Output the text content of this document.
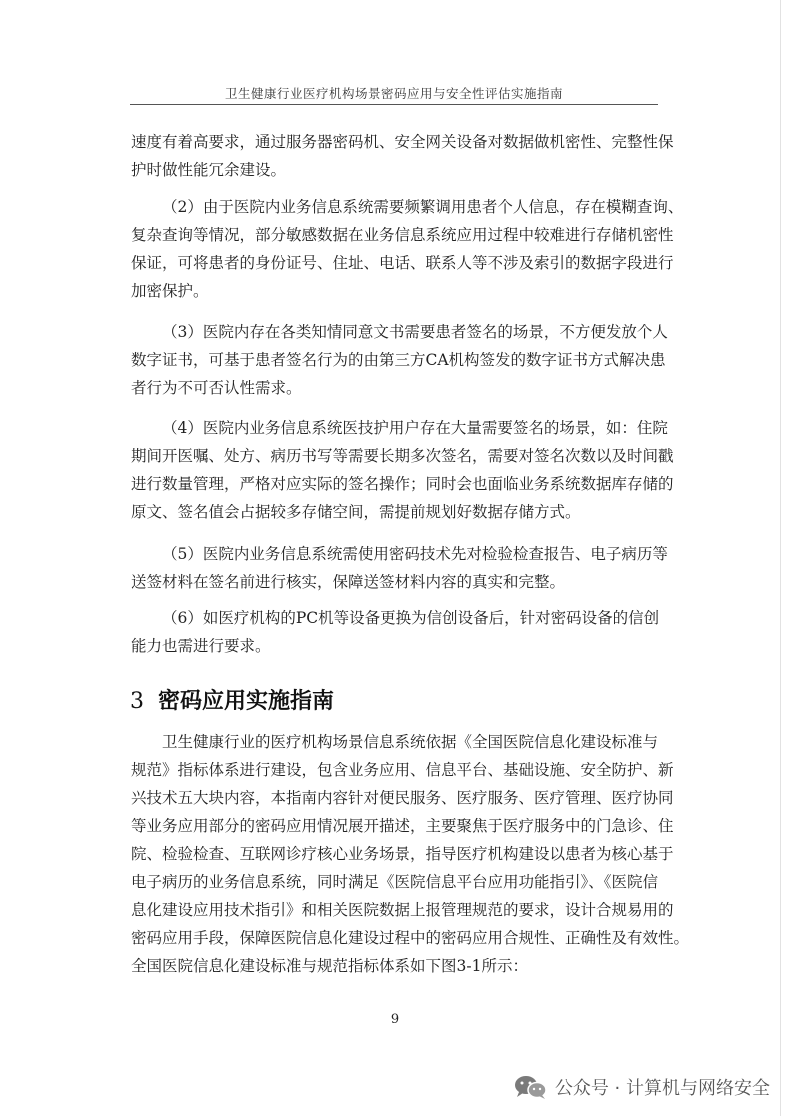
卫生健康行业医疗机构场景密码应用与安全性评估实施指南
速度有着高要求，通过服务器密码机、安全网关设备对数据做机密性、完整性保
护时做性能冗余建设。
（2）由于医院内业务信息系统需要频繁调用患者个人信息，存在模糊查询、
复杂查询等情况，部分敏感数据在业务信息系统应用过程中较难进行存储机密性
保证，可将患者的身份证号、住址、电话、联系人等不涉及索引的数据字段进行
加密保护。
（3）医院内存在各类知情同意文书需要患者签名的场景，不方便发放个人
数字证书，可基于患者签名行为的由第三方CA机构签发的数字证书方式解决患
者行为不可否认性需求。
（4）医院内业务信息系统医技护用户存在大量需要签名的场景，如：住院
期间开医嘱、处方、病历书写等需要长期多次签名，需要对签名次数以及时间戳
进行数量管理，严格对应实际的签名操作；同时会也面临业务系统数据库存储的
原文、签名值会占据较多存储空间，需提前规划好数据存储方式。
（5）医院内业务信息系统需使用密码技术先对检验检查报告、电子病历等
送签材料在签名前进行核实，保障送签材料内容的真实和完整。
（6）如医疗机构的PC机等设备更换为信创设备后，针对密码设备的信创
能力也需进行要求。
3 密码应用实施指南
卫生健康行业的医疗机构场景信息系统依据《全国医院信息化建设标准与
规范》指标体系进行建设，包含业务应用、信息平台、基础设施、安全防护、新
兴技术五大块内容，本指南内容针对便民服务、医疗服务、医疗管理、医疗协同
等业务应用部分的密码应用情况展开描述，主要聚焦于医疗服务中的门急诊、住
院、检验检查、互联网诊疗核心业务场景，指导医疗机构建设以患者为核心基于
电子病历的业务信息系统，同时满足《医院信息平台应用功能指引》、《医院信
息化建设应用技术指引》和相关医院数据上报管理规范的要求，设计合规易用的
密码应用手段，保障医院信息化建设过程中的密码应用合规性、正确性及有效性。
全国医院信息化建设标准与规范指标体系如下图3-1所示：
9
公众号 · 计算机与网络安全
